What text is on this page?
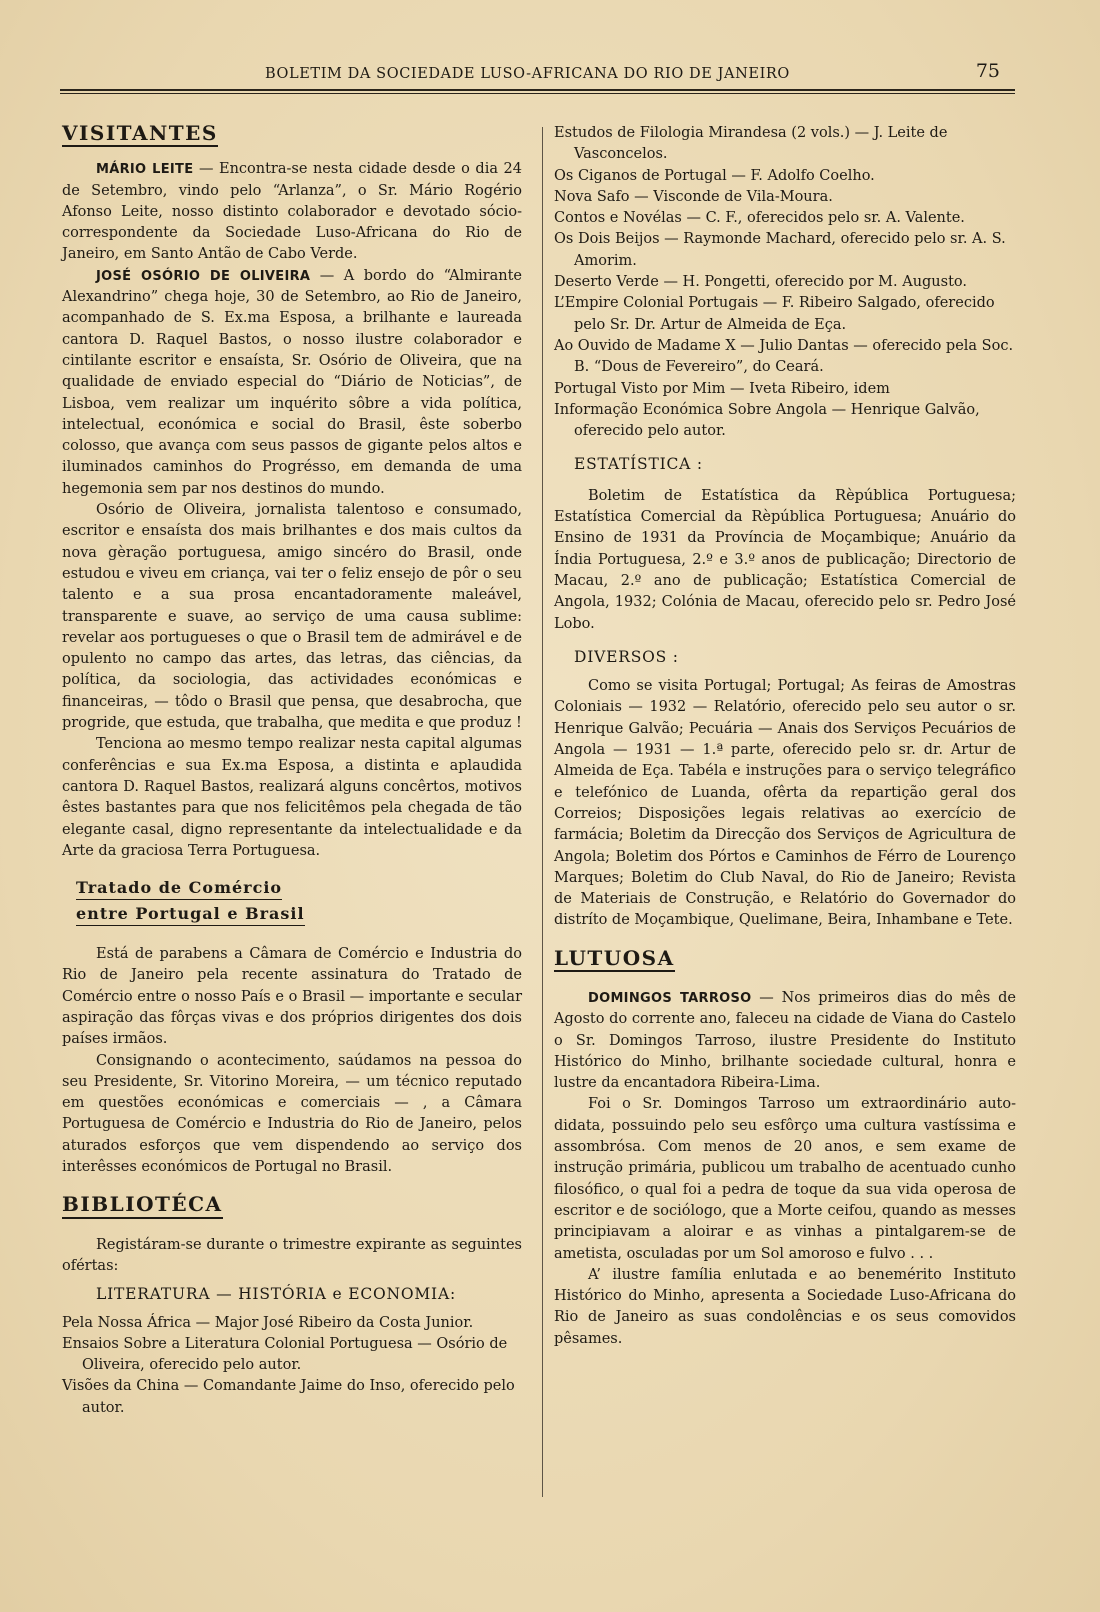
BOLETIM DA SOCIEDADE LUSO-AFRICANA DO RIO DE JANEIRO	75
VISITANTES

MÁRIO LEITE — Encontra-se nesta cidade desde o dia 24 de Setembro, vindo pelo “Arlanza”, o Sr. Mário Rogério Afonso Leite, nosso distinto colaborador e devotado sócio-correspondente da Sociedade Luso-Africana do Rio de Janeiro, em Santo Antão de Cabo Verde.

JOSÉ OSÓRIO DE OLIVEIRA — A bordo do “Almirante Alexandrino” chega hoje, 30 de Setembro, ao Rio de Janeiro, acompanhado de S. Ex.ma Esposa, a brilhante e laureada cantora D. Raquel Bastos, o nosso ilustre colaborador e cintilante escritor e ensaísta, Sr. Osório de Oliveira, que na qualidade de enviado especial do “Diário de Noticias”, de Lisboa, vem realizar um inquérito sôbre a vida política, intelectual, económica e social do Brasil, êste soberbo colosso, que avança com seus passos de gigante pelos altos e iluminados caminhos do Progrésso, em demanda de uma hegemonia sem par nos destinos do mundo.

Osório de Oliveira, jornalista talentoso e consumado, escritor e ensaísta dos mais brilhantes e dos mais cultos da nova gèração portuguesa, amigo sincéro do Brasil, onde estudou e viveu em criança, vai ter o feliz ensejo de pôr o seu talento e a sua prosa encantadoramente maleável, transparente e suave, ao serviço de uma causa sublime: revelar aos portugueses o que o Brasil tem de admirável e de opulento no campo das artes, das letras, das ciências, da política, da sociologia, das actividades económicas e financeiras, — tôdo o Brasil que pensa, que desabrocha, que progride, que estuda, que trabalha, que medita e que produz !

Tenciona ao mesmo tempo realizar nesta capital algumas conferências e sua Ex.ma Esposa, a distinta e aplaudida cantora D. Raquel Bastos, realizará alguns concêrtos, motivos êstes bastantes para que nos felicitêmos pela chegada de tão elegante casal, digno representante da intelectualidade e da Arte da graciosa Terra Portuguesa.

Tratado de Comércio
entre Portugal e Brasil

Está de parabens a Câmara de Comércio e Industria do Rio de Janeiro pela recente assinatura do Tratado de Comércio entre o nosso País e o Brasil — importante e secular aspiração das fôrças vivas e dos próprios dirigentes dos dois países irmãos.

Consignando o acontecimento, saúdamos na pessoa do seu Presidente, Sr. Vitorino Moreira, — um técnico reputado em questões económicas e comerciais — , a Câmara Portuguesa de Comércio e Industria do Rio de Janeiro, pelos aturados esforços que vem dispendendo ao serviço dos interêsses económicos de Portugal no Brasil.

BIBLIOTÉCA

Registáram-se durante o trimestre expirante as seguintes ofértas:

LITERATURA — HISTÓRIA e ECONOMIA:

Pela Nossa África — Major José Ribeiro da Costa Junior.

Ensaios Sobre a Literatura Colonial Portuguesa — Osório de Oliveira, oferecido pelo autor.

Visões da China — Comandante Jaime do Inso, oferecido pelo autor.

Estudos de Filologia Mirandesa (2 vols.) — J. Leite de Vasconcelos.

Os Ciganos de Portugal — F. Adolfo Coelho.

Nova Safo — Visconde de Vila-Moura.

Contos e Novélas — C. F., oferecidos pelo sr. A. Valente.

Os Dois Beijos — Raymonde Machard, oferecido pelo sr. A. S. Amorim.

Deserto Verde — H. Pongetti, oferecido por M. Augusto.

L’Empire Colonial Portugais — F. Ribeiro Salgado, oferecido pelo Sr. Dr. Artur de Almeida de Eça.

Ao Ouvido de Madame X — Julio Dantas — oferecido pela Soc. B. “Dous de Fevereiro”, do Ceará.

Portugal Visto por Mim — Iveta Ribeiro, idem

Informação Económica Sobre Angola — Henrique Galvão, oferecido pelo autor.

ESTATÍSTICA :

Boletim de Estatística da Rèpública Portuguesa; Estatística Comercial da Rèpública Portuguesa; Anuário do Ensino de 1931 da Província de Moçambique; Anuário da Índia Portuguesa, 2.º e 3.º anos de publicação; Directorio de Macau, 2.º ano de publicação; Estatística Comercial de Angola, 1932; Colónia de Macau, oferecido pelo sr. Pedro José Lobo.

DIVERSOS :

Como se visita Portugal; Portugal; As feiras de Amostras Coloniais — 1932 — Relatório, oferecido pelo seu autor o sr. Henrique Galvão; Pecuária — Anais dos Serviços Pecuários de Angola — 1931 — 1.ª parte, oferecido pelo sr. dr. Artur de Almeida de Eça. Tabéla e instruções para o serviço telegráfico e telefónico de Luanda, ofêrta da repartição geral dos Correios; Disposições legais relativas ao exercício de farmácia; Boletim da Direcção dos Serviços de Agricultura de Angola; Boletim dos Pórtos e Caminhos de Férro de Lourenço Marques; Boletim do Club Naval, do Rio de Janeiro; Revista de Materiais de Construção, e Relatório do Governador do distríto de Moçambique, Quelimane, Beira, Inhambane e Tete.

LUTUOSA

DOMINGOS TARROSO — Nos primeiros dias do mês de Agosto do corrente ano, faleceu na cidade de Viana do Castelo o Sr. Domingos Tarroso, ilustre Presidente do Instituto Histórico do Minho, brilhante sociedade cultural, honra e lustre da encantadora Ribeira-Lima.

Foi o Sr. Domingos Tarroso um extraordinário auto-didata, possuindo pelo seu esfôrço uma cultura vastíssima e assombrósa. Com menos de 20 anos, e sem exame de instrução primária, publicou um trabalho de acentuado cunho filosófico, o qual foi a pedra de toque da sua vida operosa de escritor e de sociólogo, que a Morte ceifou, quando as messes principiavam a aloirar e as vinhas a pintalgarem-se de ametista, osculadas por um Sol amoroso e fulvo . . .

A’ ilustre família enlutada e ao benemérito Instituto Histórico do Minho, apresenta a Sociedade Luso-Africana do Rio de Janeiro as suas condolências e os seus comovidos pêsames.
